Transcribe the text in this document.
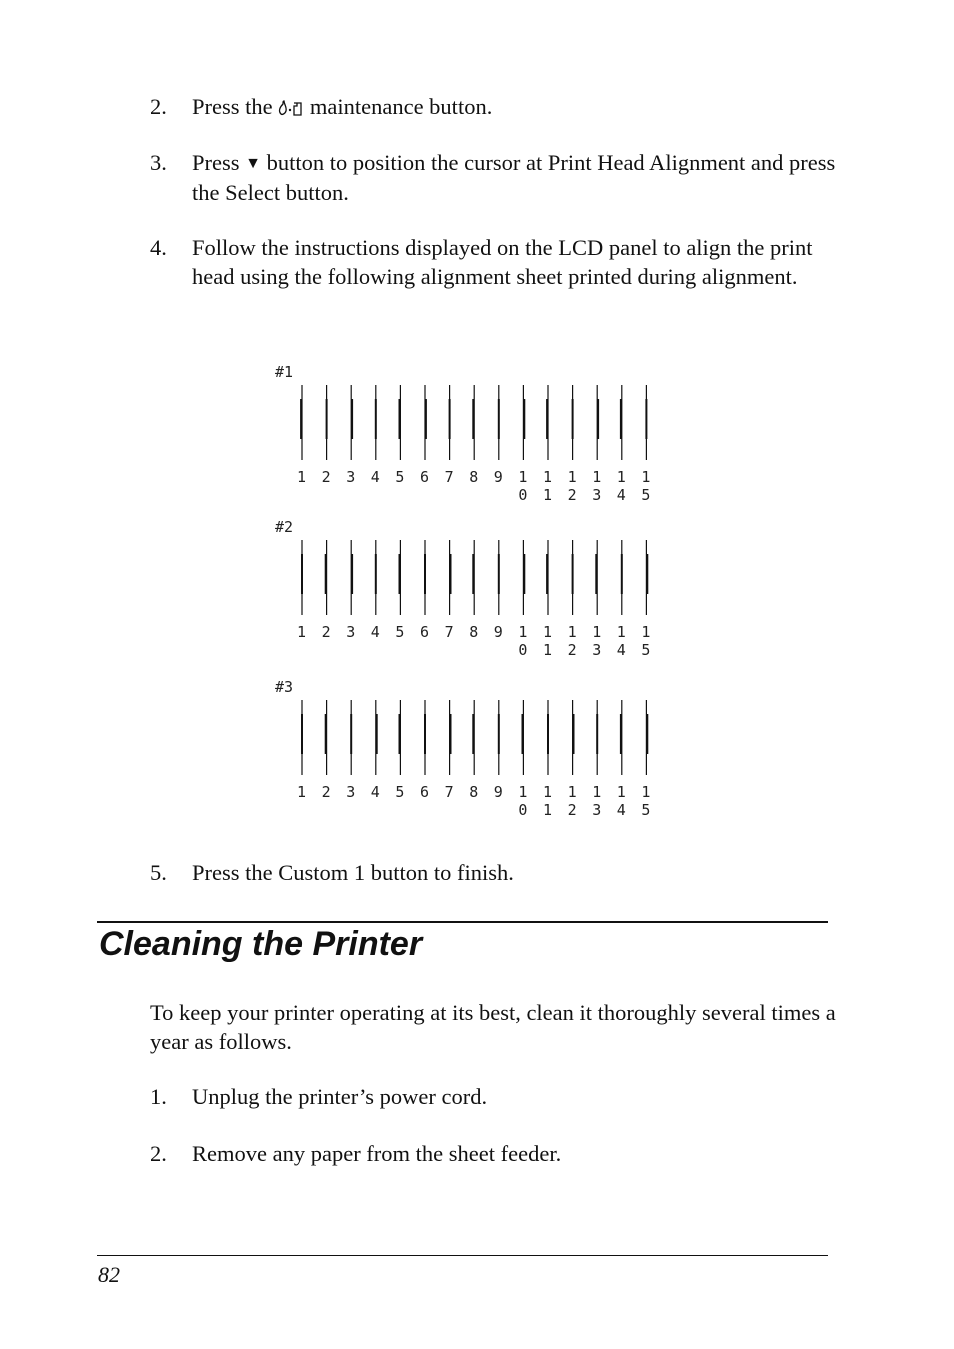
2. Press the  maintenance button.
3. Press ▼ button to position the cursor at Print Head Alignment and press the Select button.
4. Follow the instructions displayed on the LCD panel to align the print head using the following alignment sheet printed during alignment.
#1
1 2 3 4 5 6 7 8 9 1
0
1
1
1
2
1
3
1
4
1
5
#2
1 2 3 4 5 6 7 8 9 1
0
1
1
1
2
1
3
1
4
1
5
#3
1 2 3 4 5 6 7 8 9 1
0
1
1
1
2
1
3
1
4
1
5
5. Press the Custom 1 button to finish.
Cleaning the Printer
To keep your printer operating at its best, clean it thoroughly several times a year as follows.
1. Unplug the printer’s power cord.
2. Remove any paper from the sheet feeder.
82
